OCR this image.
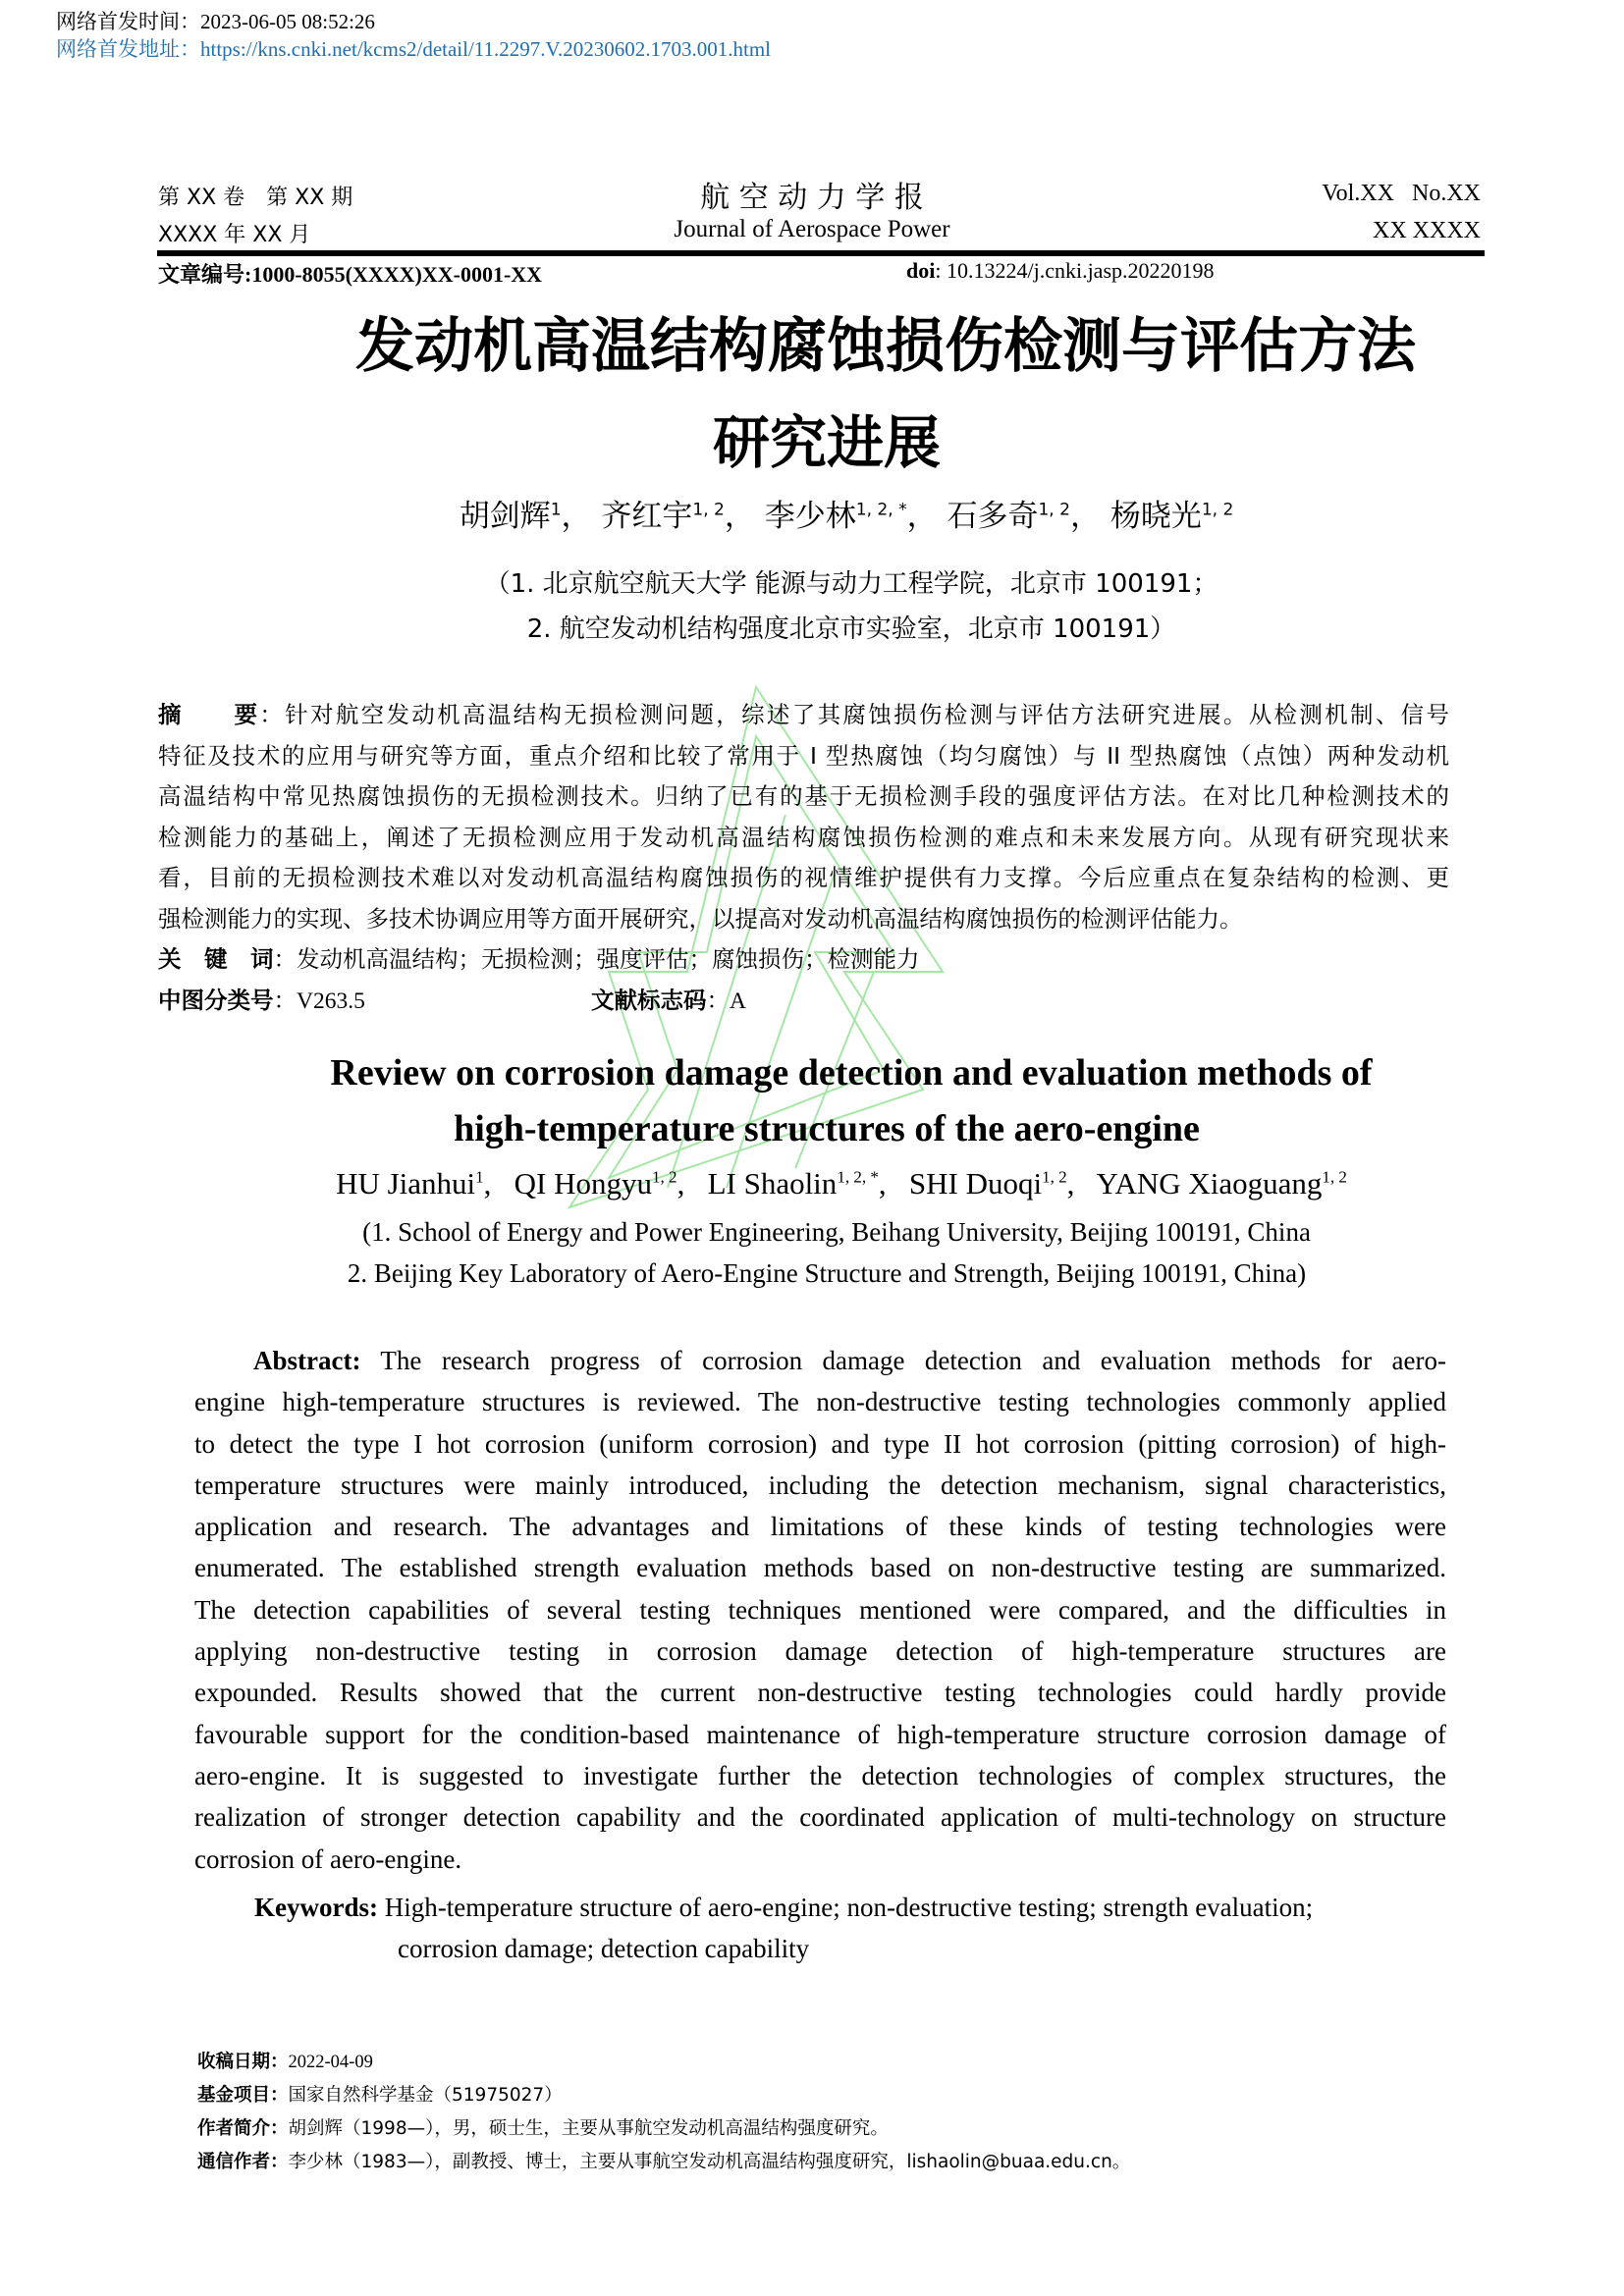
网络首发时间：2023-06-05 08:52:26
网络首发地址：https://kns.cnki.net/kcms2/detail/11.2297.V.20230602.1703.001.html
第 XX 卷　第 XX 期
XXXX 年 XX 月
航 空 动 力 学 报
Journal of Aerospace Power
Vol.XX   No.XX
XX XXXX
文章编号:1000-8055(XXXX)XX-0001-XX	doi: 10.13224/j.cnki.jasp.20220198
发动机高温结构腐蚀损伤检测与评估方法
研究进展
胡剑辉$^1$， 齐红宇$^{1, 2}$， 李少林$^{1, 2, *}$， 石多奇$^{1, 2}$， 杨晓光$^{1, 2}$
（1. 北京航空航天大学 能源与动力工程学院，北京市 100191；
2. 航空发动机结构强度北京市实验室，北京市 100191）
摘　　要：针对航空发动机高温结构无损检测问题，综述了其腐蚀损伤检测与评估方法研究进展。从检测机制、信号
特征及技术的应用与研究等方面，重点介绍和比较了常用于 I 型热腐蚀（均匀腐蚀）与 II 型热腐蚀（点蚀）两种发动机
高温结构中常见热腐蚀损伤的无损检测技术。归纳了已有的基于无损检测手段的强度评估方法。在对比几种检测技术的
检测能力的基础上，阐述了无损检测应用于发动机高温结构腐蚀损伤检测的难点和未来发展方向。从现有研究现状来
看，目前的无损检测技术难以对发动机高温结构腐蚀损伤的视情维护提供有力支撑。今后应重点在复杂结构的检测、更
强检测能力的实现、多技术协调应用等方面开展研究，以提高对发动机高温结构腐蚀损伤的检测评估能力。
关　键　词：发动机高温结构；无损检测；强度评估；腐蚀损伤；检测能力
中图分类号：V263.5	文献标志码：A
Review on corrosion damage detection and evaluation methods of
high-temperature structures of the aero-engine
HU Jianhui$^1$,   QI Hongyu$^{1, 2}$,   LI Shaolin$^{1, 2, *}$,   SHI Duoqi$^{1, 2}$,   YANG Xiaoguang$^{1, 2}$
(1. School of Energy and Power Engineering, Beihang University, Beijing 100191, China
2. Beijing Key Laboratory of Aero-Engine Structure and Strength, Beijing 100191, China)
Abstract: The research progress of corrosion damage detection and evaluation methods for aero-
engine high-temperature structures is reviewed. The non-destructive testing technologies commonly applied
to detect the type I hot corrosion (uniform corrosion) and type II hot corrosion (pitting corrosion) of high-
temperature structures were mainly introduced, including the detection mechanism, signal characteristics,
application and research. The advantages and limitations of these kinds of testing technologies were
enumerated. The established strength evaluation methods based on non-destructive testing are summarized.
The detection capabilities of several testing techniques mentioned were compared, and the difficulties in
applying non-destructive testing in corrosion damage detection of high-temperature structures are
expounded. Results showed that the current non-destructive testing technologies could hardly provide
favourable support for the condition-based maintenance of high-temperature structure corrosion damage of
aero-engine. It is suggested to investigate further the detection technologies of complex structures, the
realization of stronger detection capability and the coordinated application of multi-technology on structure
corrosion of aero-engine.
Keywords: High-temperature structure of aero-engine; non-destructive testing; strength evaluation;
corrosion damage; detection capability
收稿日期：2022-04-09
基金项目：国家自然科学基金（51975027）
作者简介：胡剑辉（1998—），男，硕士生，主要从事航空发动机高温结构强度研究。
通信作者：李少林（1983—），副教授、博士，主要从事航空发动机高温结构强度研究，lishaolin@buaa.edu.cn。
